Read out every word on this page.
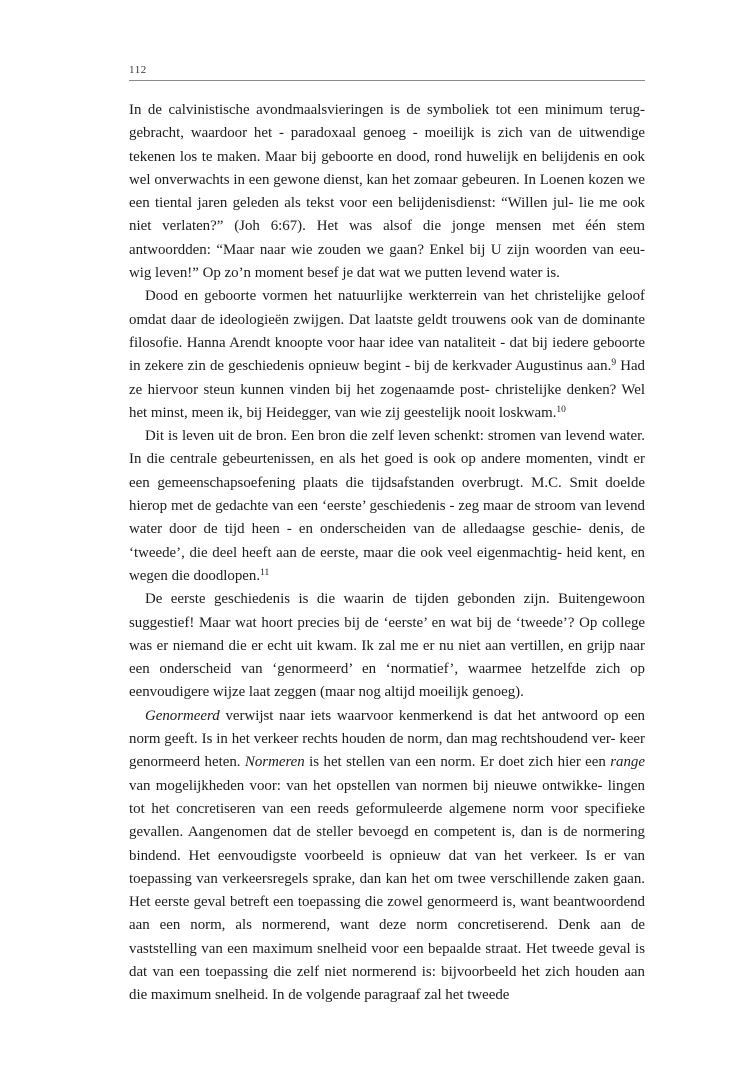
112

In de calvinistische avondmaalsvieringen is de symboliek tot een minimum terug- gebracht, waardoor het - paradoxaal genoeg - moeilijk is zich van de uitwendige tekenen los te maken. Maar bij geboorte en dood, rond huwelijk en belijdenis en ook wel onverwachts in een gewone dienst, kan het zomaar gebeuren. In Loenen kozen we een tiental jaren geleden als tekst voor een belijdenisdienst: “Willen jul- lie me ook niet verlaten?” (Joh 6:67). Het was alsof die jonge mensen met één stem antwoordden: “Maar naar wie zouden we gaan? Enkel bij U zijn woorden van eeu- wig leven!” Op zo’n moment besef je dat wat we putten levend water is.

Dood en geboorte vormen het natuurlijke werkterrein van het christelijke geloof omdat daar de ideologieën zwijgen. Dat laatste geldt trouwens ook van de dominante filosofie. Hanna Arendt knoopte voor haar idee van nataliteit - dat bij iedere geboorte in zekere zin de geschiedenis opnieuw begint - bij de kerkvader Augustinus aan.$^9$ Had ze hiervoor steun kunnen vinden bij het zogenaamde post- christelijke denken? Wel het minst, meen ik, bij Heidegger, van wie zij geestelijk nooit loskwam.$^{10}$

Dit is leven uit de bron. Een bron die zelf leven schenkt: stromen van levend water. In die centrale gebeurtenissen, en als het goed is ook op andere momenten, vindt er een gemeenschapsoefening plaats die tijdsafstanden overbrugt. M.C. Smit doelde hierop met de gedachte van een ‘eerste’ geschiedenis - zeg maar de stroom van levend water door de tijd heen - en onderscheiden van de alledaagse geschie- denis, de ‘tweede’, die deel heeft aan de eerste, maar die ook veel eigenmachtig- heid kent, en wegen die doodlopen.$^{11}$

De eerste geschiedenis is die waarin de tijden gebonden zijn. Buitengewoon suggestief! Maar wat hoort precies bij de ‘eerste’ en wat bij de ‘tweede’? Op college was er niemand die er echt uit kwam. Ik zal me er nu niet aan vertillen, en grijp naar een onderscheid van ‘genormeerd’ en ‘normatief’, waarmee hetzelfde zich op eenvoudigere wijze laat zeggen (maar nog altijd moeilijk genoeg).

Genormeerd verwijst naar iets waarvoor kenmerkend is dat het antwoord op een norm geeft. Is in het verkeer rechts houden de norm, dan mag rechtshoudend ver- keer genormeerd heten. Normeren is het stellen van een norm. Er doet zich hier een range van mogelijkheden voor: van het opstellen van normen bij nieuwe ontwikke- lingen tot het concretiseren van een reeds geformuleerde algemene norm voor specifieke gevallen. Aangenomen dat de steller bevoegd en competent is, dan is de normering bindend. Het eenvoudigste voorbeeld is opnieuw dat van het verkeer. Is er van toepassing van verkeersregels sprake, dan kan het om twee verschillende zaken gaan. Het eerste geval betreft een toepassing die zowel genormeerd is, want beantwoordend aan een norm, als normerend, want deze norm concretiserend. Denk aan de vaststelling van een maximum snelheid voor een bepaalde straat. Het tweede geval is dat van een toepassing die zelf niet normerend is: bijvoorbeeld het zich houden aan die maximum snelheid. In de volgende paragraaf zal het tweede
